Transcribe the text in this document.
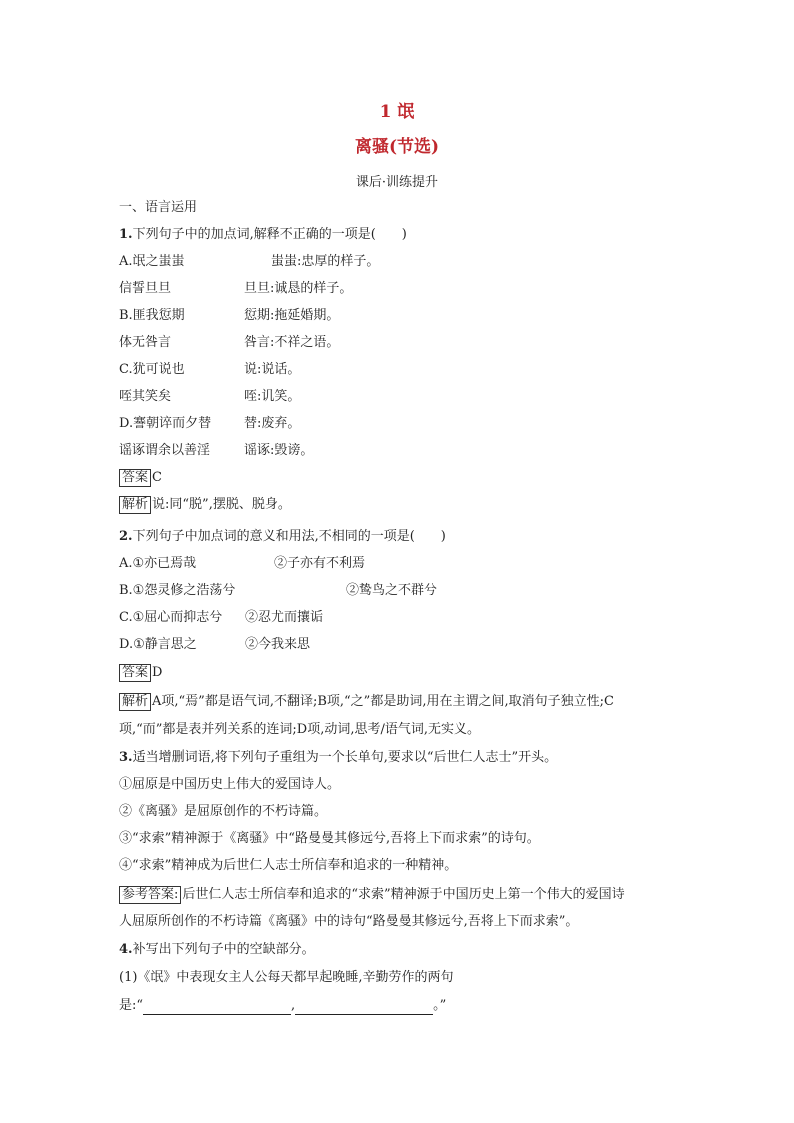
1 氓
离骚(节选)
课后·训练提升
一、语言运用
1.下列句子中的加点词,解释不正确的一项是(　　)
A.氓之蚩蚩	蚩蚩:忠厚的样子。
信誓旦旦	旦旦:诚恳的样子。
B.匪我愆期	愆期:拖延婚期。
体无咎言	咎言:不祥之语。
C.犹可说也	说:说话。
咥其笑矣	咥:讥笑。
D.謇朝谇而夕替	替:废弃。
谣诼谓余以善淫	谣诼:毁谤。
答案 C
解析 说:同“脱”,摆脱、脱身。
2.下列句子中加点词的意义和用法,不相同的一项是(　　)
A.①亦已焉哉	②子亦有不利焉
B.①怨灵修之浩荡兮	②鸷鸟之不群兮
C.①屈心而抑志兮 ②忍尤而攘诟
D.①静言思之	②今我来思
答案 D
解析 A项,“焉”都是语气词,不翻译;B项,“之”都是助词,用在主谓之间,取消句子独立性;C
项,“而”都是表并列关系的连词;D项,动词,思考/语气词,无实义。
3.适当增删词语,将下列句子重组为一个长单句,要求以“后世仁人志士”开头。
①屈原是中国历史上伟大的爱国诗人。
②《离骚》是屈原创作的不朽诗篇。
③“求索”精神源于《离骚》中“路曼曼其修远兮,吾将上下而求索”的诗句。
④“求索”精神成为后世仁人志士所信奉和追求的一种精神。
参考答案: 后世仁人志士所信奉和追求的“求索”精神源于中国历史上第一个伟大的爱国诗
人屈原所创作的不朽诗篇《离骚》中的诗句“路曼曼其修远兮,吾将上下而求索”。
4.补写出下列句子中的空缺部分。
(1)《氓》中表现女主人公每天都早起晚睡,辛勤劳作的两句
是:“	,	。”
